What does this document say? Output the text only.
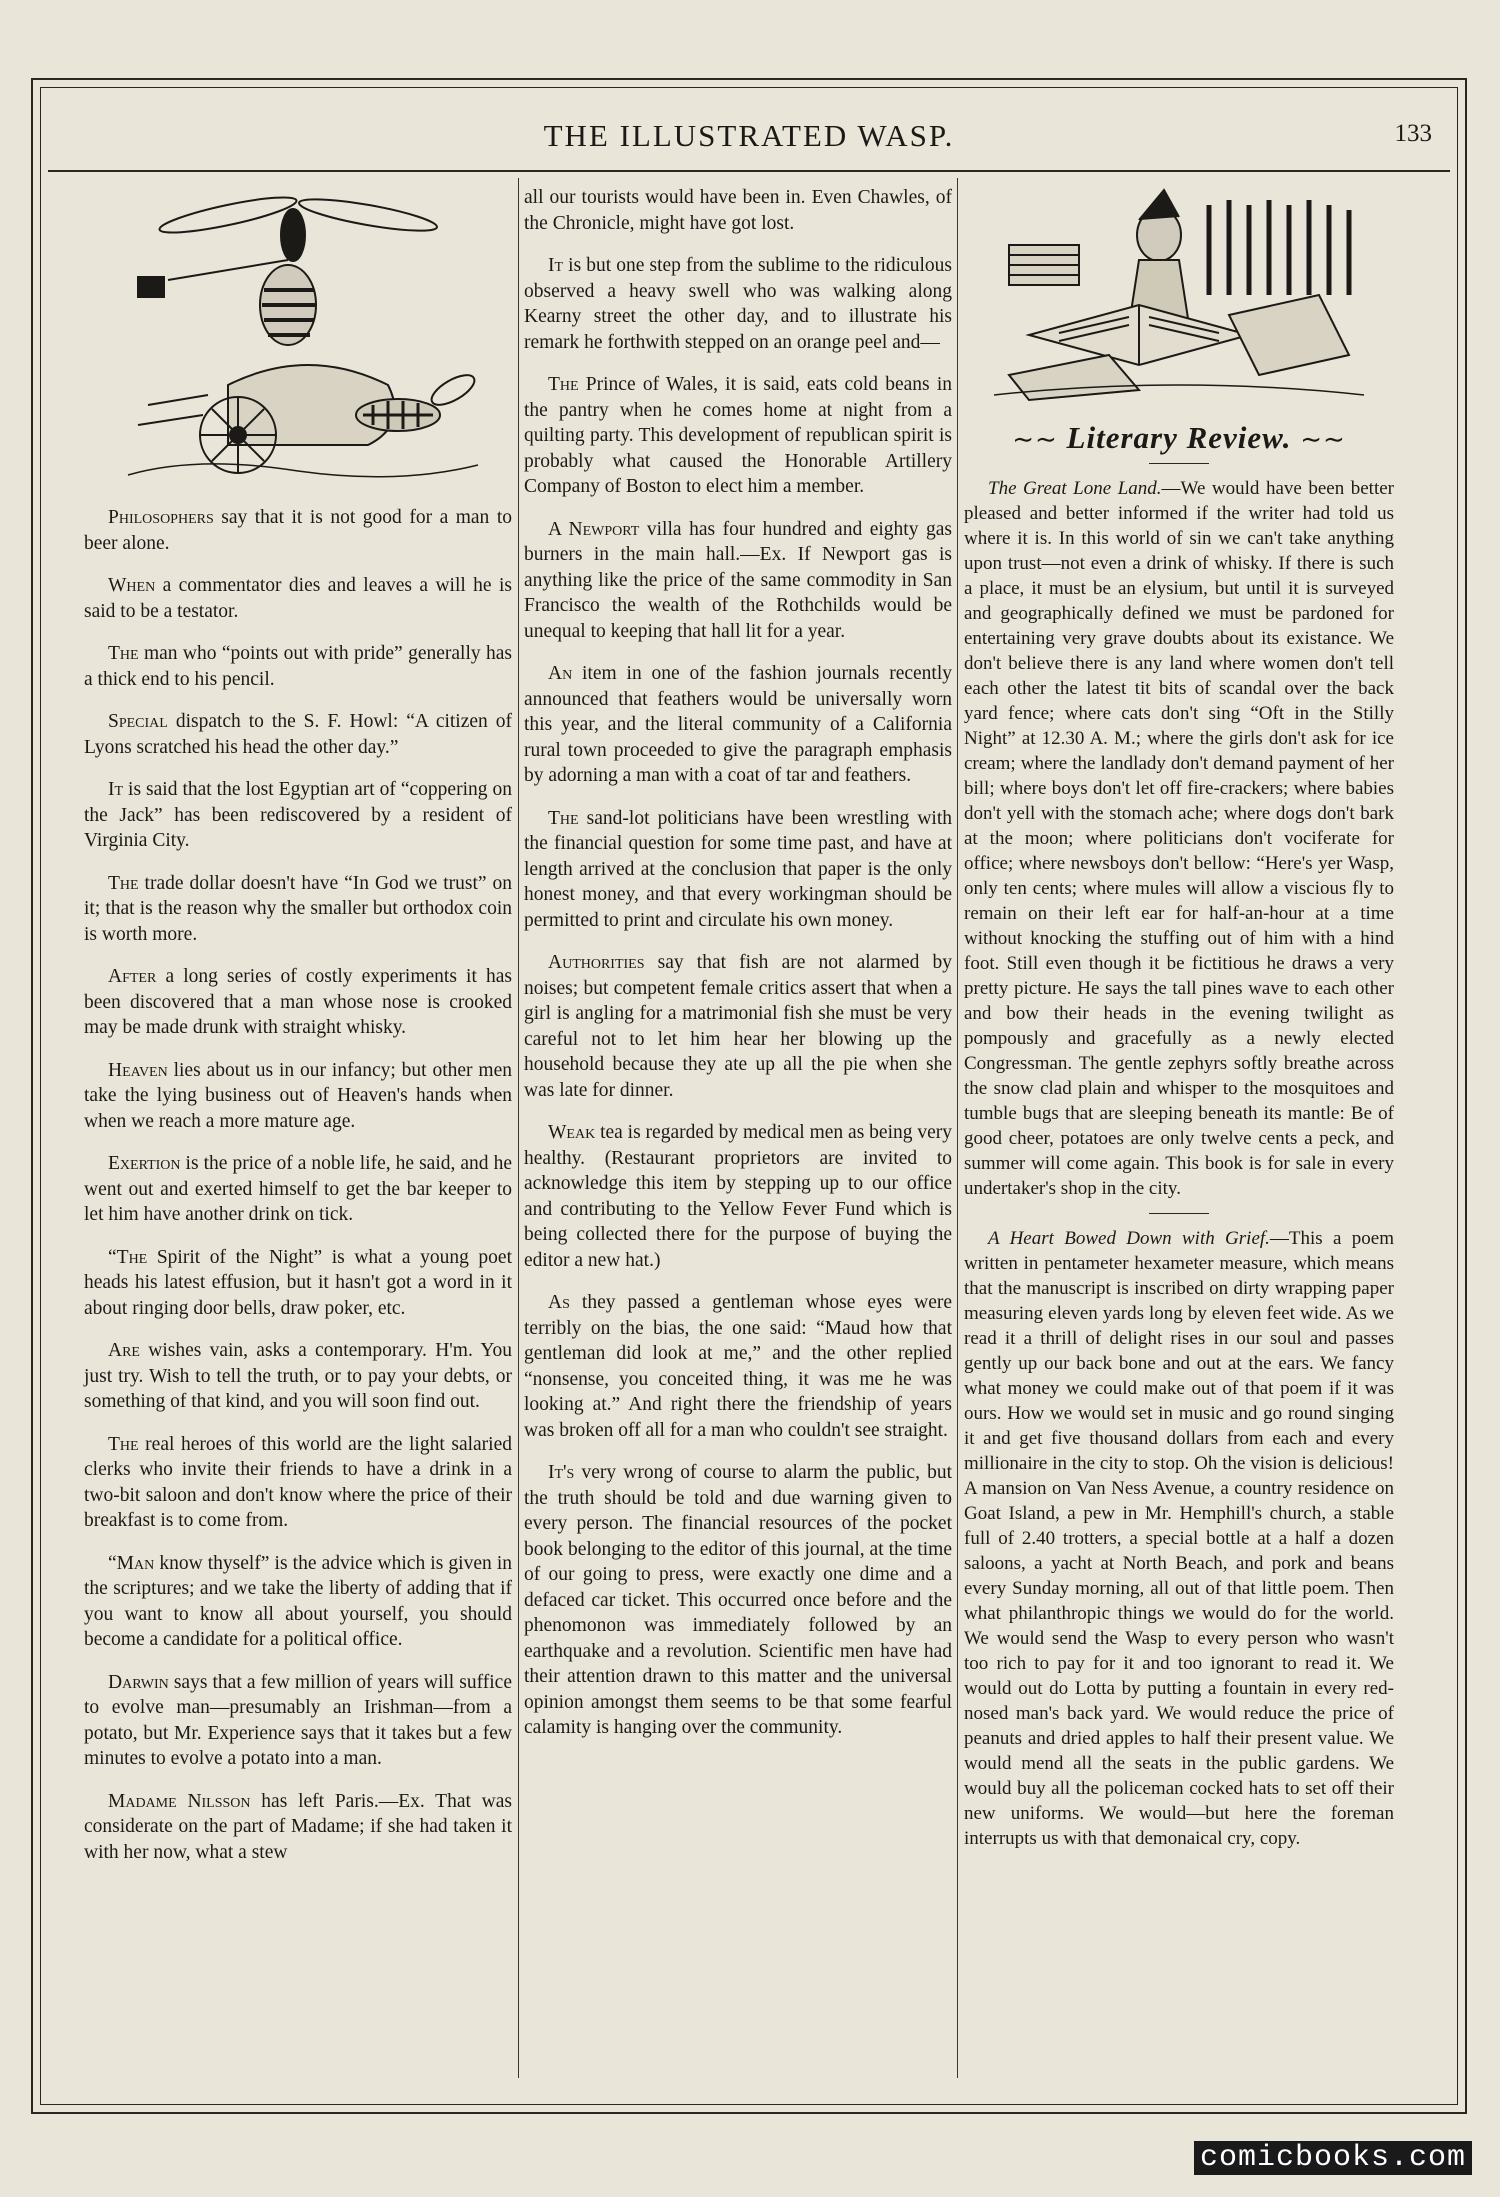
THE ILLUSTRATED WASP.	133

Philosophers say that it is not good for a man to beer alone.

When a commentator dies and leaves a will he is said to be a testator.

The man who “points out with pride” generally has a thick end to his pencil.

Special dispatch to the S. F. Howl: “A citizen of Lyons scratched his head the other day.”

It is said that the lost Egyptian art of “coppering on the Jack” has been rediscovered by a resident of Virginia City.

The trade dollar doesn't have “In God we trust” on it; that is the reason why the smaller but orthodox coin is worth more.

After a long series of costly experiments it has been discovered that a man whose nose is crooked may be made drunk with straight whisky.

Heaven lies about us in our infancy; but other men take the lying business out of Heaven's hands when when we reach a more mature age.

Exertion is the price of a noble life, he said, and he went out and exerted himself to get the bar keeper to let him have another drink on tick.

“The Spirit of the Night” is what a young poet heads his latest effusion, but it hasn't got a word in it about ringing door bells, draw poker, etc.

Are wishes vain, asks a contemporary. H'm. You just try. Wish to tell the truth, or to pay your debts, or something of that kind, and you will soon find out.

The real heroes of this world are the light salaried clerks who invite their friends to have a drink in a two-bit saloon and don't know where the price of their breakfast is to come from.

“Man know thyself” is the advice which is given in the scriptures; and we take the liberty of adding that if you want to know all about yourself, you should become a candidate for a political office.

Darwin says that a few million of years will suffice to evolve man—presumably an Irishman—from a potato, but Mr. Experience says that it takes but a few minutes to evolve a potato into a man.

Madame Nilsson has left Paris.—Ex. That was considerate on the part of Madame; if she had taken it with her now, what a stew

all our tourists would have been in. Even Chawles, of the Chronicle, might have got lost.

It is but one step from the sublime to the ridiculous observed a heavy swell who was walking along Kearny street the other day, and to illustrate his remark he forthwith stepped on an orange peel and—

The Prince of Wales, it is said, eats cold beans in the pantry when he comes home at night from a quilting party. This development of republican spirit is probably what caused the Honorable Artillery Company of Boston to elect him a member.

A Newport villa has four hundred and eighty gas burners in the main hall.—Ex. If Newport gas is anything like the price of the same commodity in San Francisco the wealth of the Rothchilds would be unequal to keeping that hall lit for a year.

An item in one of the fashion journals recently announced that feathers would be universally worn this year, and the literal community of a California rural town proceeded to give the paragraph emphasis by adorning a man with a coat of tar and feathers.

The sand-lot politicians have been wrestling with the financial question for some time past, and have at length arrived at the conclusion that paper is the only honest money, and that every workingman should be permitted to print and circulate his own money.

Authorities say that fish are not alarmed by noises; but competent female critics assert that when a girl is angling for a matrimonial fish she must be very careful not to let him hear her blowing up the household because they ate up all the pie when she was late for dinner.

Weak tea is regarded by medical men as being very healthy. (Restaurant proprietors are invited to acknowledge this item by stepping up to our office and contributing to the Yellow Fever Fund which is being collected there for the purpose of buying the editor a new hat.)

As they passed a gentleman whose eyes were terribly on the bias, the one said: “Maud how that gentleman did look at me,” and the other replied “nonsense, you conceited thing, it was me he was looking at.” And right there the friendship of years was broken off all for a man who couldn't see straight.

It's very wrong of course to alarm the public, but the truth should be told and due warning given to every person. The financial resources of the pocket book belonging to the editor of this journal, at the time of our going to press, were exactly one dime and a defaced car ticket. This occurred once before and the phenomonon was immediately followed by an earthquake and a revolution. Scientific men have had their attention drawn to this matter and the universal opinion amongst them seems to be that some fearful calamity is hanging over the community.

∼∼ Literary Review. ∼∼

The Great Lone Land.—We would have been better pleased and better informed if the writer had told us where it is. In this world of sin we can't take anything upon trust—not even a drink of whisky. If there is such a place, it must be an elysium, but until it is surveyed and geographically defined we must be pardoned for entertaining very grave doubts about its existance. We don't believe there is any land where women don't tell each other the latest tit bits of scandal over the back yard fence; where cats don't sing “Oft in the Stilly Night” at 12.30 A. M.; where the girls don't ask for ice cream; where the landlady don't demand payment of her bill; where boys don't let off fire-crackers; where babies don't yell with the stomach ache; where dogs don't bark at the moon; where politicians don't vociferate for office; where newsboys don't bellow: “Here's yer Wasp, only ten cents; where mules will allow a viscious fly to remain on their left ear for half-an-hour at a time without knocking the stuffing out of him with a hind foot. Still even though it be fictitious he draws a very pretty picture. He says the tall pines wave to each other and bow their heads in the evening twilight as pompously and gracefully as a newly elected Congressman. The gentle zephyrs softly breathe across the snow clad plain and whisper to the mosquitoes and tumble bugs that are sleeping beneath its mantle: Be of good cheer, potatoes are only twelve cents a peck, and summer will come again. This book is for sale in every undertaker's shop in the city.

A Heart Bowed Down with Grief.—This a poem written in pentameter hexameter measure, which means that the manuscript is inscribed on dirty wrapping paper measuring eleven yards long by eleven feet wide. As we read it a thrill of delight rises in our soul and passes gently up our back bone and out at the ears. We fancy what money we could make out of that poem if it was ours. How we would set in music and go round singing it and get five thousand dollars from each and every millionaire in the city to stop. Oh the vision is delicious! A mansion on Van Ness Avenue, a country residence on Goat Island, a pew in Mr. Hemphill's church, a stable full of 2.40 trotters, a special bottle at a half a dozen saloons, a yacht at North Beach, and pork and beans every Sunday morning, all out of that little poem. Then what philanthropic things we would do for the world. We would send the Wasp to every person who wasn't too rich to pay for it and too ignorant to read it. We would out do Lotta by putting a fountain in every red-nosed man's back yard. We would reduce the price of peanuts and dried apples to half their present value. We would mend all the seats in the public gardens. We would buy all the policeman cocked hats to set off their new uniforms. We would—but here the foreman interrupts us with that demonaical cry, copy.

comicbooks.com
